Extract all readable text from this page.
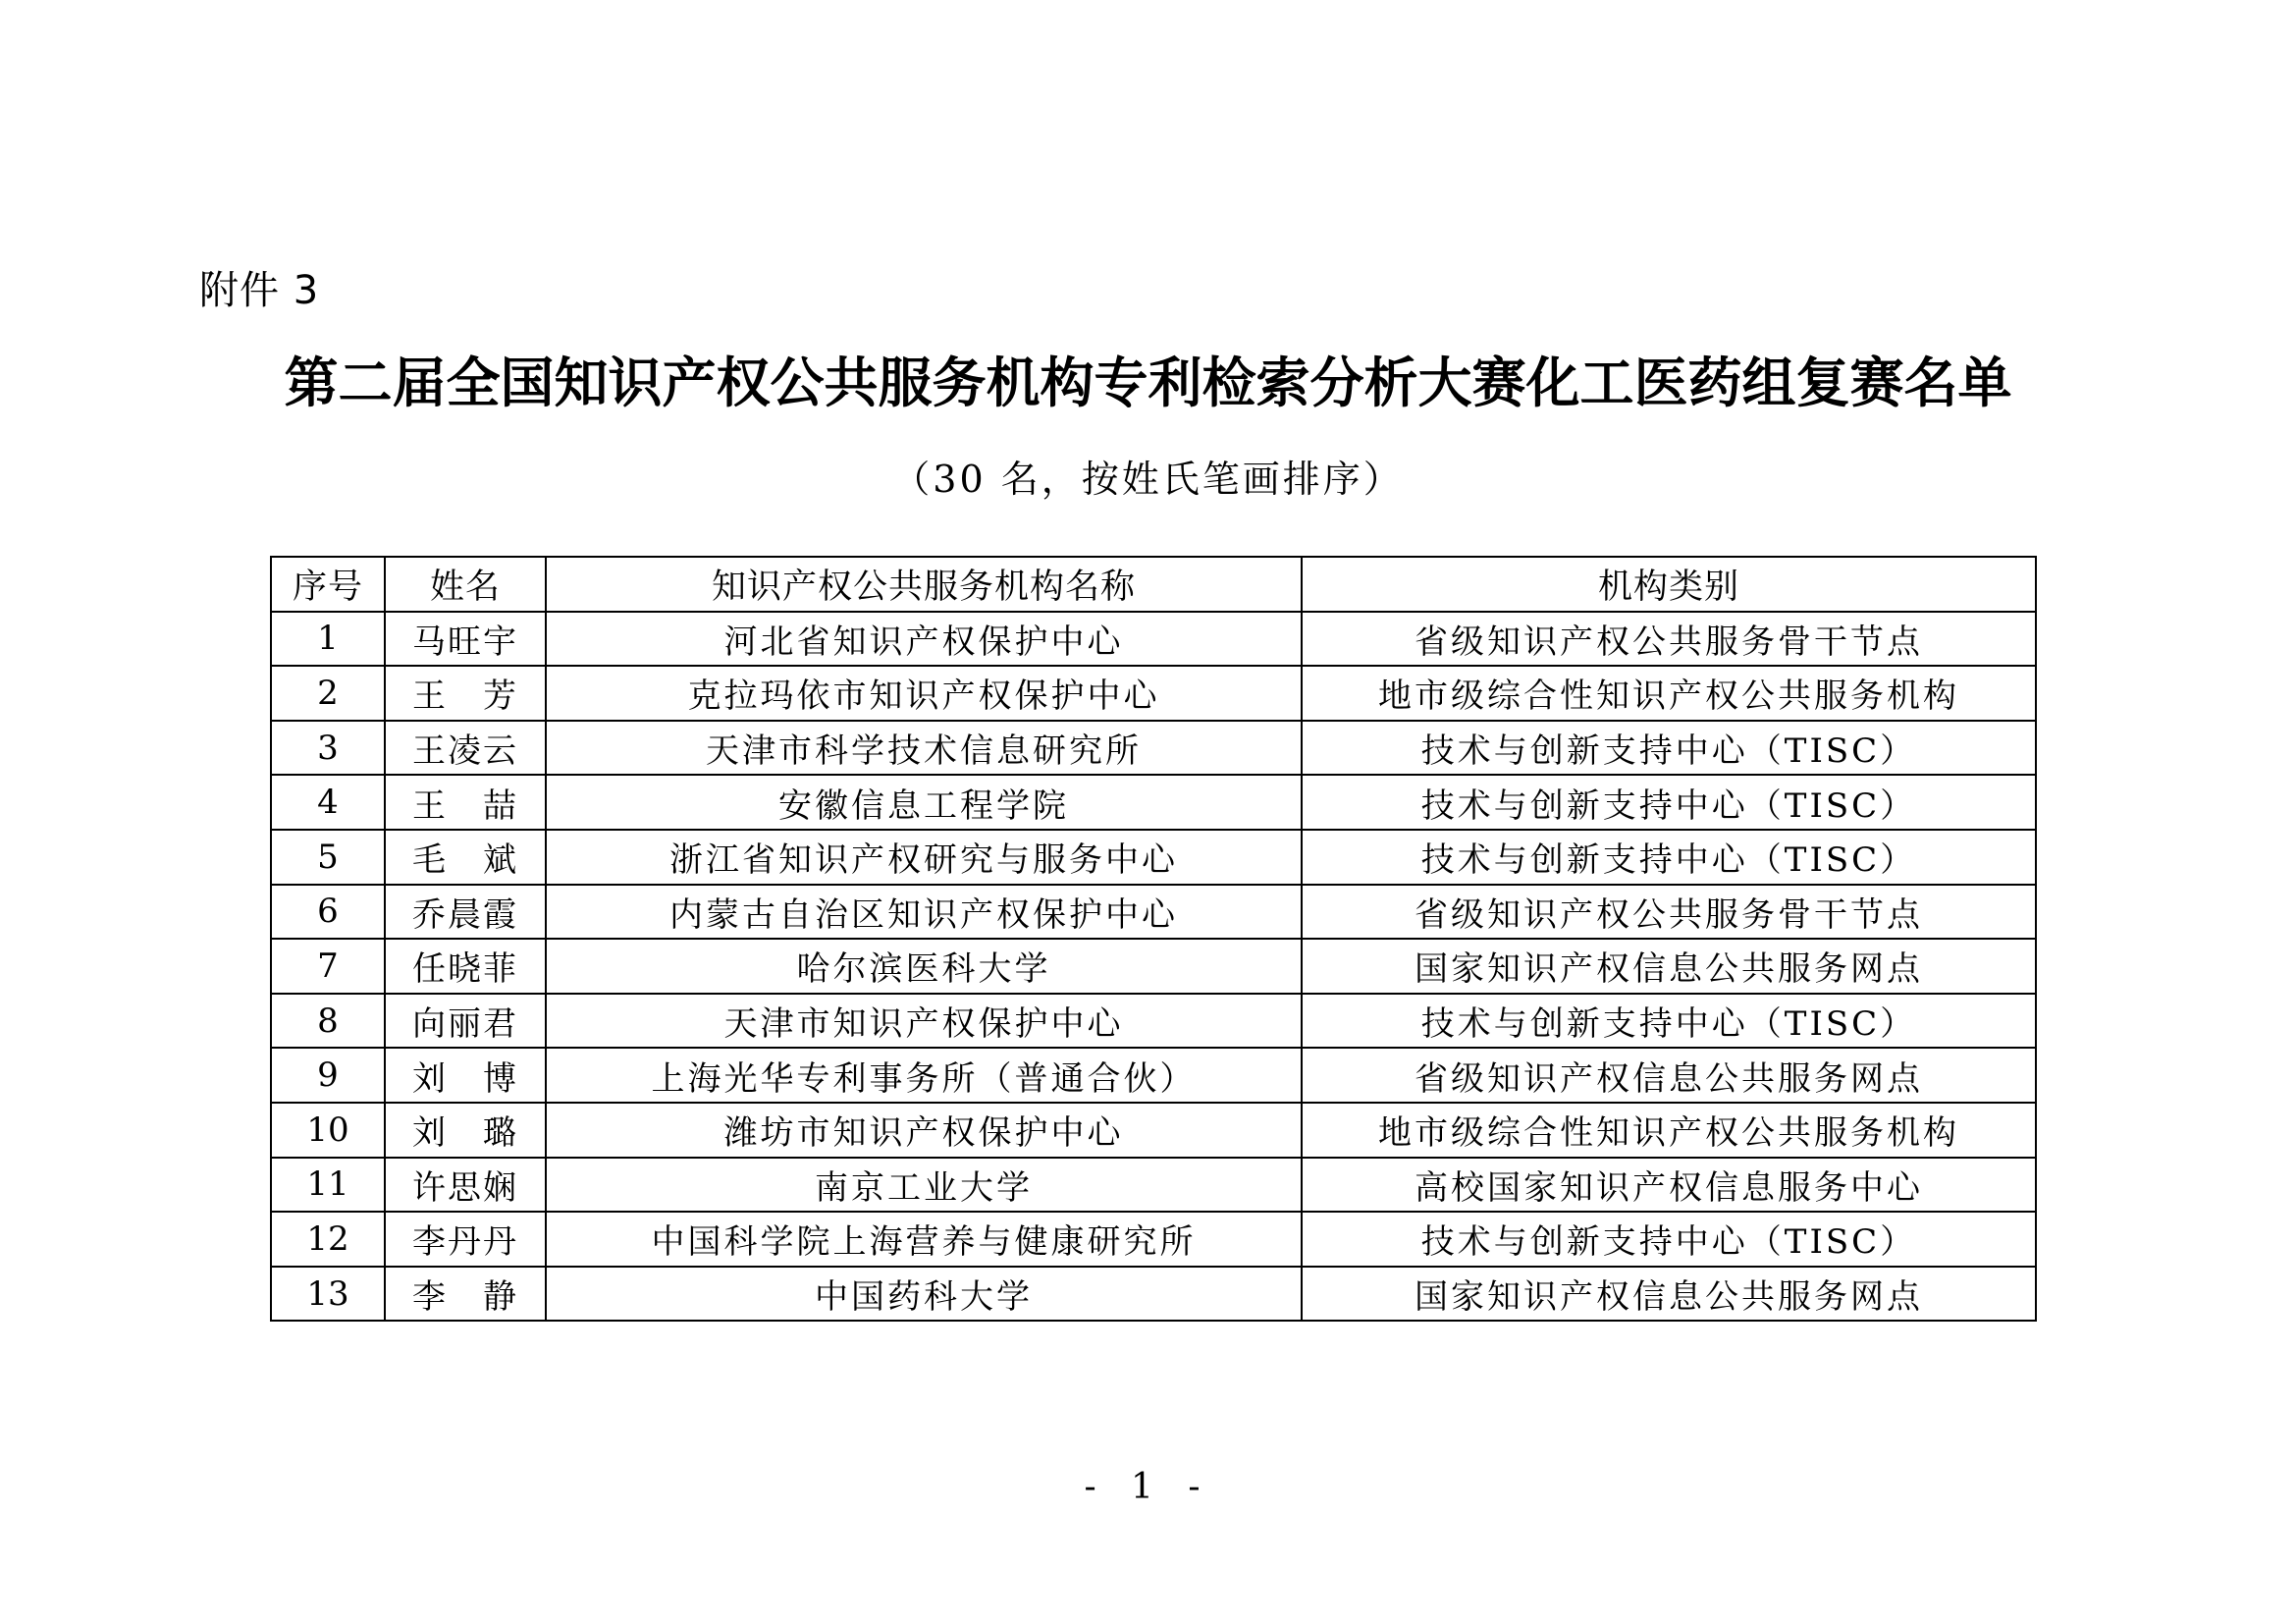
附件 3
第二届全国知识产权公共服务机构专利检索分析大赛化工医药组复赛名单
（30 名，按姓氏笔画排序）
序号	姓名	知识产权公共服务机构名称	机构类别
1	马旺宇	河北省知识产权保护中心	省级知识产权公共服务骨干节点
2	王　芳	克拉玛依市知识产权保护中心	地市级综合性知识产权公共服务机构
3	王凌云	天津市科学技术信息研究所	技术与创新支持中心（TISC）
4	王　喆	安徽信息工程学院	技术与创新支持中心（TISC）
5	毛　斌	浙江省知识产权研究与服务中心	技术与创新支持中心（TISC）
6	乔晨霞	内蒙古自治区知识产权保护中心	省级知识产权公共服务骨干节点
7	任晓菲	哈尔滨医科大学	国家知识产权信息公共服务网点
8	向丽君	天津市知识产权保护中心	技术与创新支持中心（TISC）
9	刘　博	上海光华专利事务所（普通合伙）	省级知识产权信息公共服务网点
10	刘　璐	潍坊市知识产权保护中心	地市级综合性知识产权公共服务机构
11	许思娴	南京工业大学	高校国家知识产权信息服务中心
12	李丹丹	中国科学院上海营养与健康研究所	技术与创新支持中心（TISC）
13	李　静	中国药科大学	国家知识产权信息公共服务网点
- 1 -
